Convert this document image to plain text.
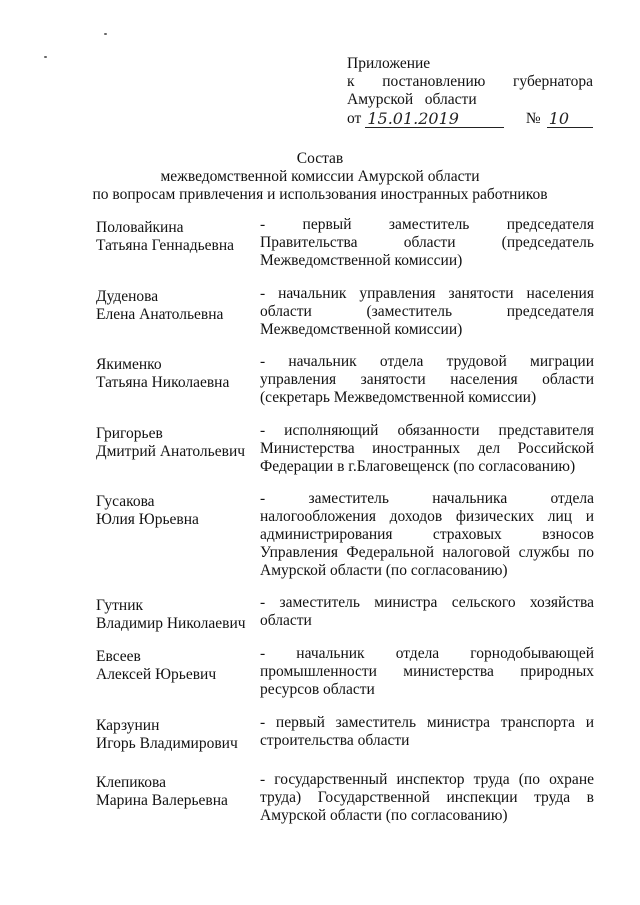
Приложение
к постановлению губернатора
Амурской области
от 15.01.2019	№ 10
Состав
межведомственной комиссии Амурской области
по вопросам привлечения и использования иностранных работников
Половайкина
Татьяна Геннадьевна
- первый заместитель председателя Правительства области (председатель Межведомственной комиссии)
Дуденова
Елена Анатольевна
- начальник управления занятости населения области (заместитель председателя Межведомственной комиссии)
Якименко
Татьяна Николаевна
- начальник отдела трудовой миграции управления занятости населения области (секретарь Межведомственной комиссии)
Григорьев
Дмитрий Анатольевич
- исполняющий обязанности представителя Министерства иностранных дел Российской Федерации в г.Благовещенск (по согласованию)
Гусакова
Юлия Юрьевна
- заместитель начальника отдела налогообложения доходов физических лиц и администрирования страховых взносов Управления Федеральной налоговой службы по Амурской области (по согласованию)
Гутник
Владимир Николаевич
- заместитель министра сельского хозяйства области
Евсеев
Алексей Юрьевич
- начальник отдела горнодобывающей промышленности министерства природных ресурсов области
Карзунин
Игорь Владимирович
- первый заместитель министра транспорта и строительства области
Клепикова
Марина Валерьевна
- государственный инспектор труда (по охране труда) Государственной инспекции труда в Амурской области (по согласованию)
